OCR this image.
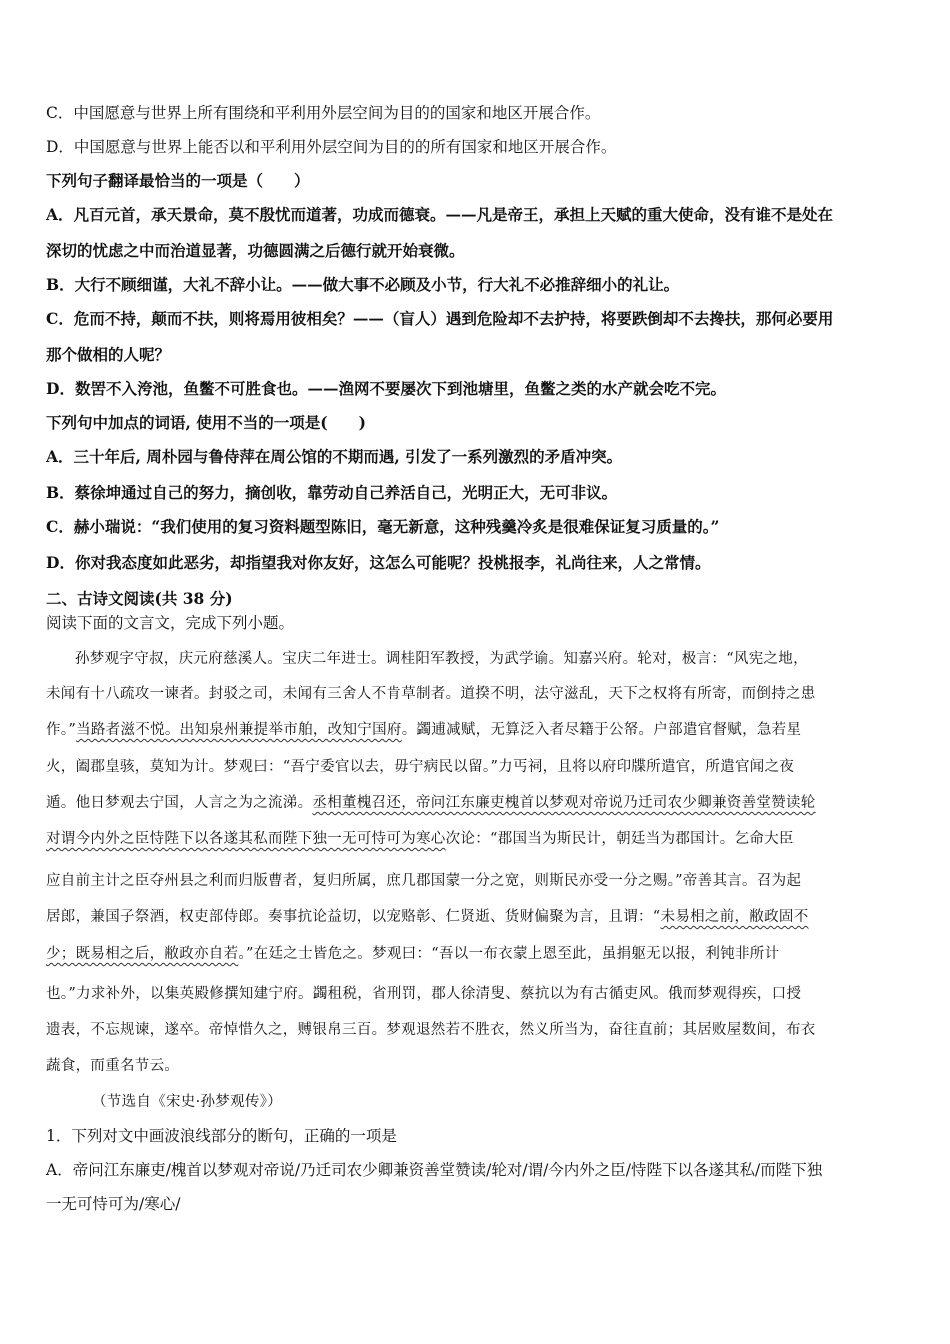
C．中国愿意与世界上所有围绕和平利用外层空间为目的的国家和地区开展合作。
D．中国愿意与世界上能否以和平利用外层空间为目的的所有国家和地区开展合作。
下列句子翻译最恰当的一项是（　　）
A．凡百元首，承天景命，莫不殷忧而道著，功成而德衰。——凡是帝王，承担上天赋的重大使命，没有谁不是处在
深切的忧虑之中而治道显著，功德圆满之后德行就开始衰微。
B．大行不顾细谨，大礼不辞小让。——做大事不必顾及小节，行大礼不必推辞细小的礼让。
C．危而不持，颠而不扶，则将焉用彼相矣？——（盲人）遇到危险却不去护持，将要跌倒却不去搀扶，那何必要用
那个做相的人呢？
D．数罟不入洿池，鱼鳖不可胜食也。——渔网不要屡次下到池塘里，鱼鳖之类的水产就会吃不完。
下列句中加点的词语, 使用不当的一项是(　　)
A．三十年后, 周朴园与鲁侍萍在周公馆的不期而遇, 引发了一系列激烈的矛盾冲突。
B．蔡徐坤通过自己的努力，摘创收，靠劳动自己养活自己，光明正大，无可非议。
C．赫小瑞说：“我们使用的复习资料题型陈旧，毫无新意，这种残羹冷炙是很难保证复习质量的。”
D．你对我态度如此恶劣，却指望我对你友好，这怎么可能呢？投桃报李，礼尚往来，人之常情。
二、古诗文阅读(共 38 分)
阅读下面的文言文，完成下列小题。
孙梦观字守叔，庆元府慈溪人。宝庆二年进士。调桂阳军教授，为武学谕。知嘉兴府。轮对，极言：“风宪之地，
未闻有十八疏攻一谏者。封驳之司，未闻有三舍人不肯草制者。道揆不明，法守滋乱，天下之权将有所寄，而倒持之患
作。”当路者滋不悦。出知泉州兼提举市舶，改知宁国府。蠲逋减赋，无算泛入者尽籍于公帑。户部遣官督赋，急若星
火，阖郡皇骇，莫知为计。梦观曰：“吾宁委官以去，毋宁病民以留。”力丐祠，且将以府印牒所遣官，所遣官闻之夜
遁。他日梦观去宁国，人言之为之流涕。丞相董槐召还，帝问江东廉吏槐首以梦观对帝说乃迁司农少卿兼资善堂赞读轮
对谓今内外之臣恃陛下以各遂其私而陛下独一无可恃可为寒心次论：“郡国当为斯民计，朝廷当为郡国计。乞命大臣
应自前主计之臣夺州县之利而归版曹者，复归所属，庶几郡国蒙一分之宽，则斯民亦受一分之赐。”帝善其言。召为起
居郎，兼国子祭酒，权吏部侍郎。奏事抗论益切，以宠赂彰、仁贤逝、货财偏聚为言，且谓：“未易相之前，敝政固不
少；既易相之后，敝政亦自若。”在廷之士皆危之。梦观曰：“吾以一布衣蒙上恩至此，虽捐躯无以报，利钝非所计
也。”力求补外，以集英殿修撰知建宁府。蠲租税，省刑罚，郡人徐清叟、蔡抗以为有古循吏风。俄而梦观得疾，口授
遗表，不忘规谏，遂卒。帝悼惜久之，赙银帛三百。梦观退然若不胜衣，然义所当为，奋往直前；其居败屋数间，布衣
蔬食，而重名节云。
（节选自《宋史·孙梦观传》）
1．下列对文中画波浪线部分的断句，正确的一项是
A．帝问江东廉吏/槐首以梦观对帝说/乃迁司农少卿兼资善堂赞读/轮对/谓/今内外之臣/恃陛下以各遂其私/而陛下独
一无可恃可为/寒心/
